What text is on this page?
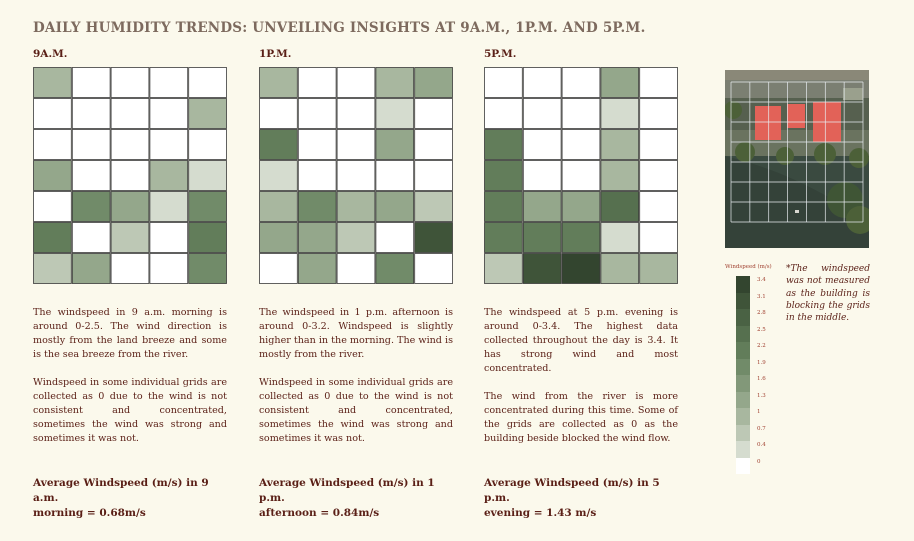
DAILY HUMIDITY TRENDS: UNVEILING INSIGHTS AT 9A.M., 1P.M. AND 5P.M.
9A.M.

The windspeed in 9 a.m. morning is around 0-2.5. The wind direction is mostly from the land breeze and some is the sea breeze from the river.

Windspeed in some individual grids are collected as 0 due to the wind is not consistent and concentrated, sometimes the wind was strong and sometimes it was not.

Average Windspeed (m/s) in 9 a.m.
morning = 0.68m/s
1P.M.

The windspeed in 1 p.m. afternoon is around 0-3.2. Windspeed is slightly higher than in the morning. The wind is mostly from the river.

Windspeed in some individual grids are collected as 0 due to the wind is not consistent and concentrated, sometimes the wind was strong and sometimes it was not.

Average Windspeed (m/s) in 1 p.m.
afternoon = 0.84m/s
5P.M.

The windspeed at 5 p.m. evening is around 0-3.4. The highest data collected throughout the day is 3.4. It has strong wind and most concentrated.

The wind from the river is more concentrated during this time. Some of the grids are collected as 0 as the building beside blocked the wind flow.

Average Windspeed (m/s) in 5 p.m.
evening = 1.43 m/s
Windspeed (m/s)
3.4
3.1
2.8
2.5
2.2
1.9
1.6
1.3
1
0.7
0.4
0
*The windspeed was not measured as the building is blocking the grids in the middle.
